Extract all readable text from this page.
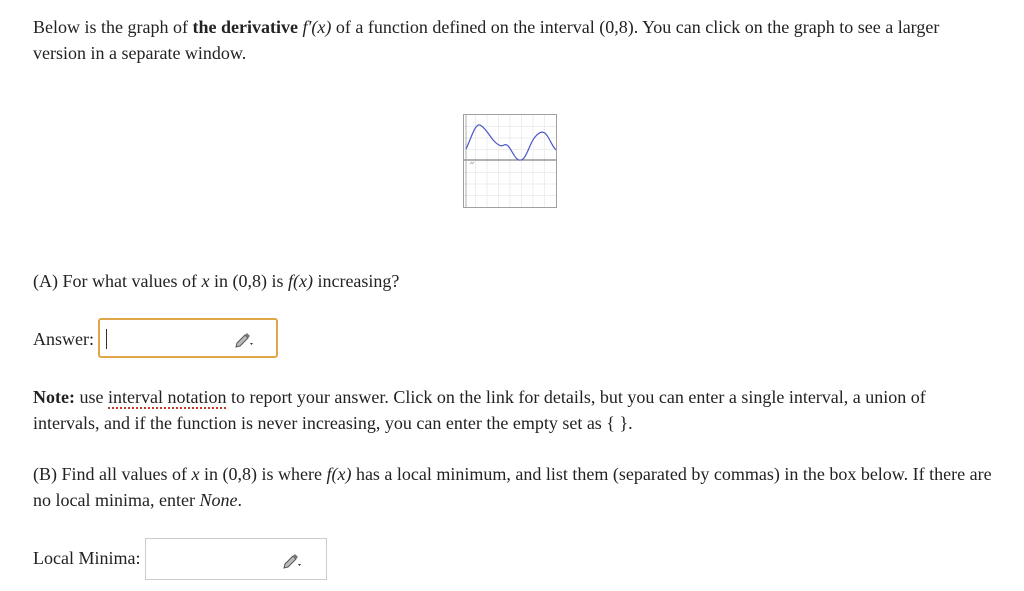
Below is the graph of the derivative f′(x) of a function defined on the interval (0,8). You can click on the graph to see a larger version in a separate window.

(A) For what values of x in (0,8) is f(x) increasing?

Answer:

Note: use interval notation to report your answer. Click on the link for details, but you can enter a single interval, a union of intervals, and if the function is never increasing, you can enter the empty set as { }.

(B) Find all values of x in (0,8) is where f(x) has a local minimum, and list them (separated by commas) in the box below. If there are no local minima, enter None.

Local Minima:
